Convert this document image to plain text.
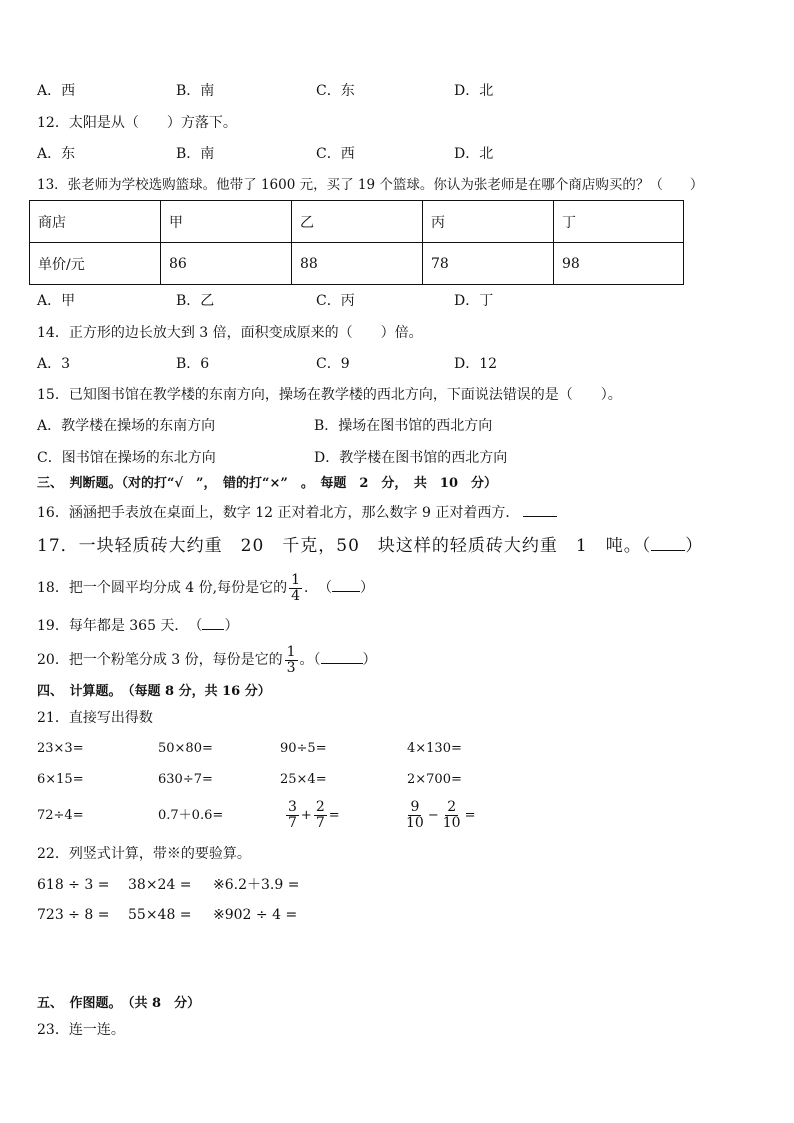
A．西	B．南	C．东	D．北
12．太阳是从（　　）方落下。
A．东	B．南	C．西	D．北
13．张老师为学校选购篮球。他带了 1600 元，买了 19 个篮球。你认为张老师是在哪个商店购买的？（　　）
商店	甲	乙	丙	丁
单价/元	86	88	78	98
A．甲	B．乙	C．丙	D．丁
14．正方形的边长放大到 3 倍，面积变成原来的（　　）倍。
A．3	B．6	C．9	D．12
15．已知图书馆在教学楼的东南方向，操场在教学楼的西北方向，下面说法错误的是（　　）。
A．教学楼在操场的东南方向	B．操场在图书馆的西北方向
C．图书馆在操场的东北方向	D．教学楼在图书馆的西北方向
三、　判断题。（对的打“√　”，　错的打“×”　。　每题　2　分，　共　10　分）
16．涵涵把手表放在桌面上，数字 12 正对着北方，那么数字 9 正对着西方．
17．一块轻质砖大约重　20　千克，50　块这样的轻质砖大约重　1　吨。（ ）
18．把一个圆平均分成 4 份,每份是它的 $\frac{1}{4}$ ．　（ ）
19．每年都是 365 天．　（ ）
20．把一个粉笔分成 3 份，每份是它的 $\frac{1}{3}$ 。（	）
四、　计算题。　（每题 8 分，共 16 分）
21．直接写出得数
23×3=	50×80=	90÷5=	4×130=
6×15=	630÷7=	25×4=	2×700=
72÷4=	0.7＋0.6=	$\frac{3}{7} + \frac{2}{7}$ =	$\frac{9}{10} - \frac{2}{10}$ =
22．列竖式计算，带※的要验算。
618 ÷ 3 = 38×24 = ※6.2＋3.9 =
723 ÷ 8 = 55×48 = ※902 ÷ 4 =
五、　作图题。　（共 8　分）
23．连一连。
